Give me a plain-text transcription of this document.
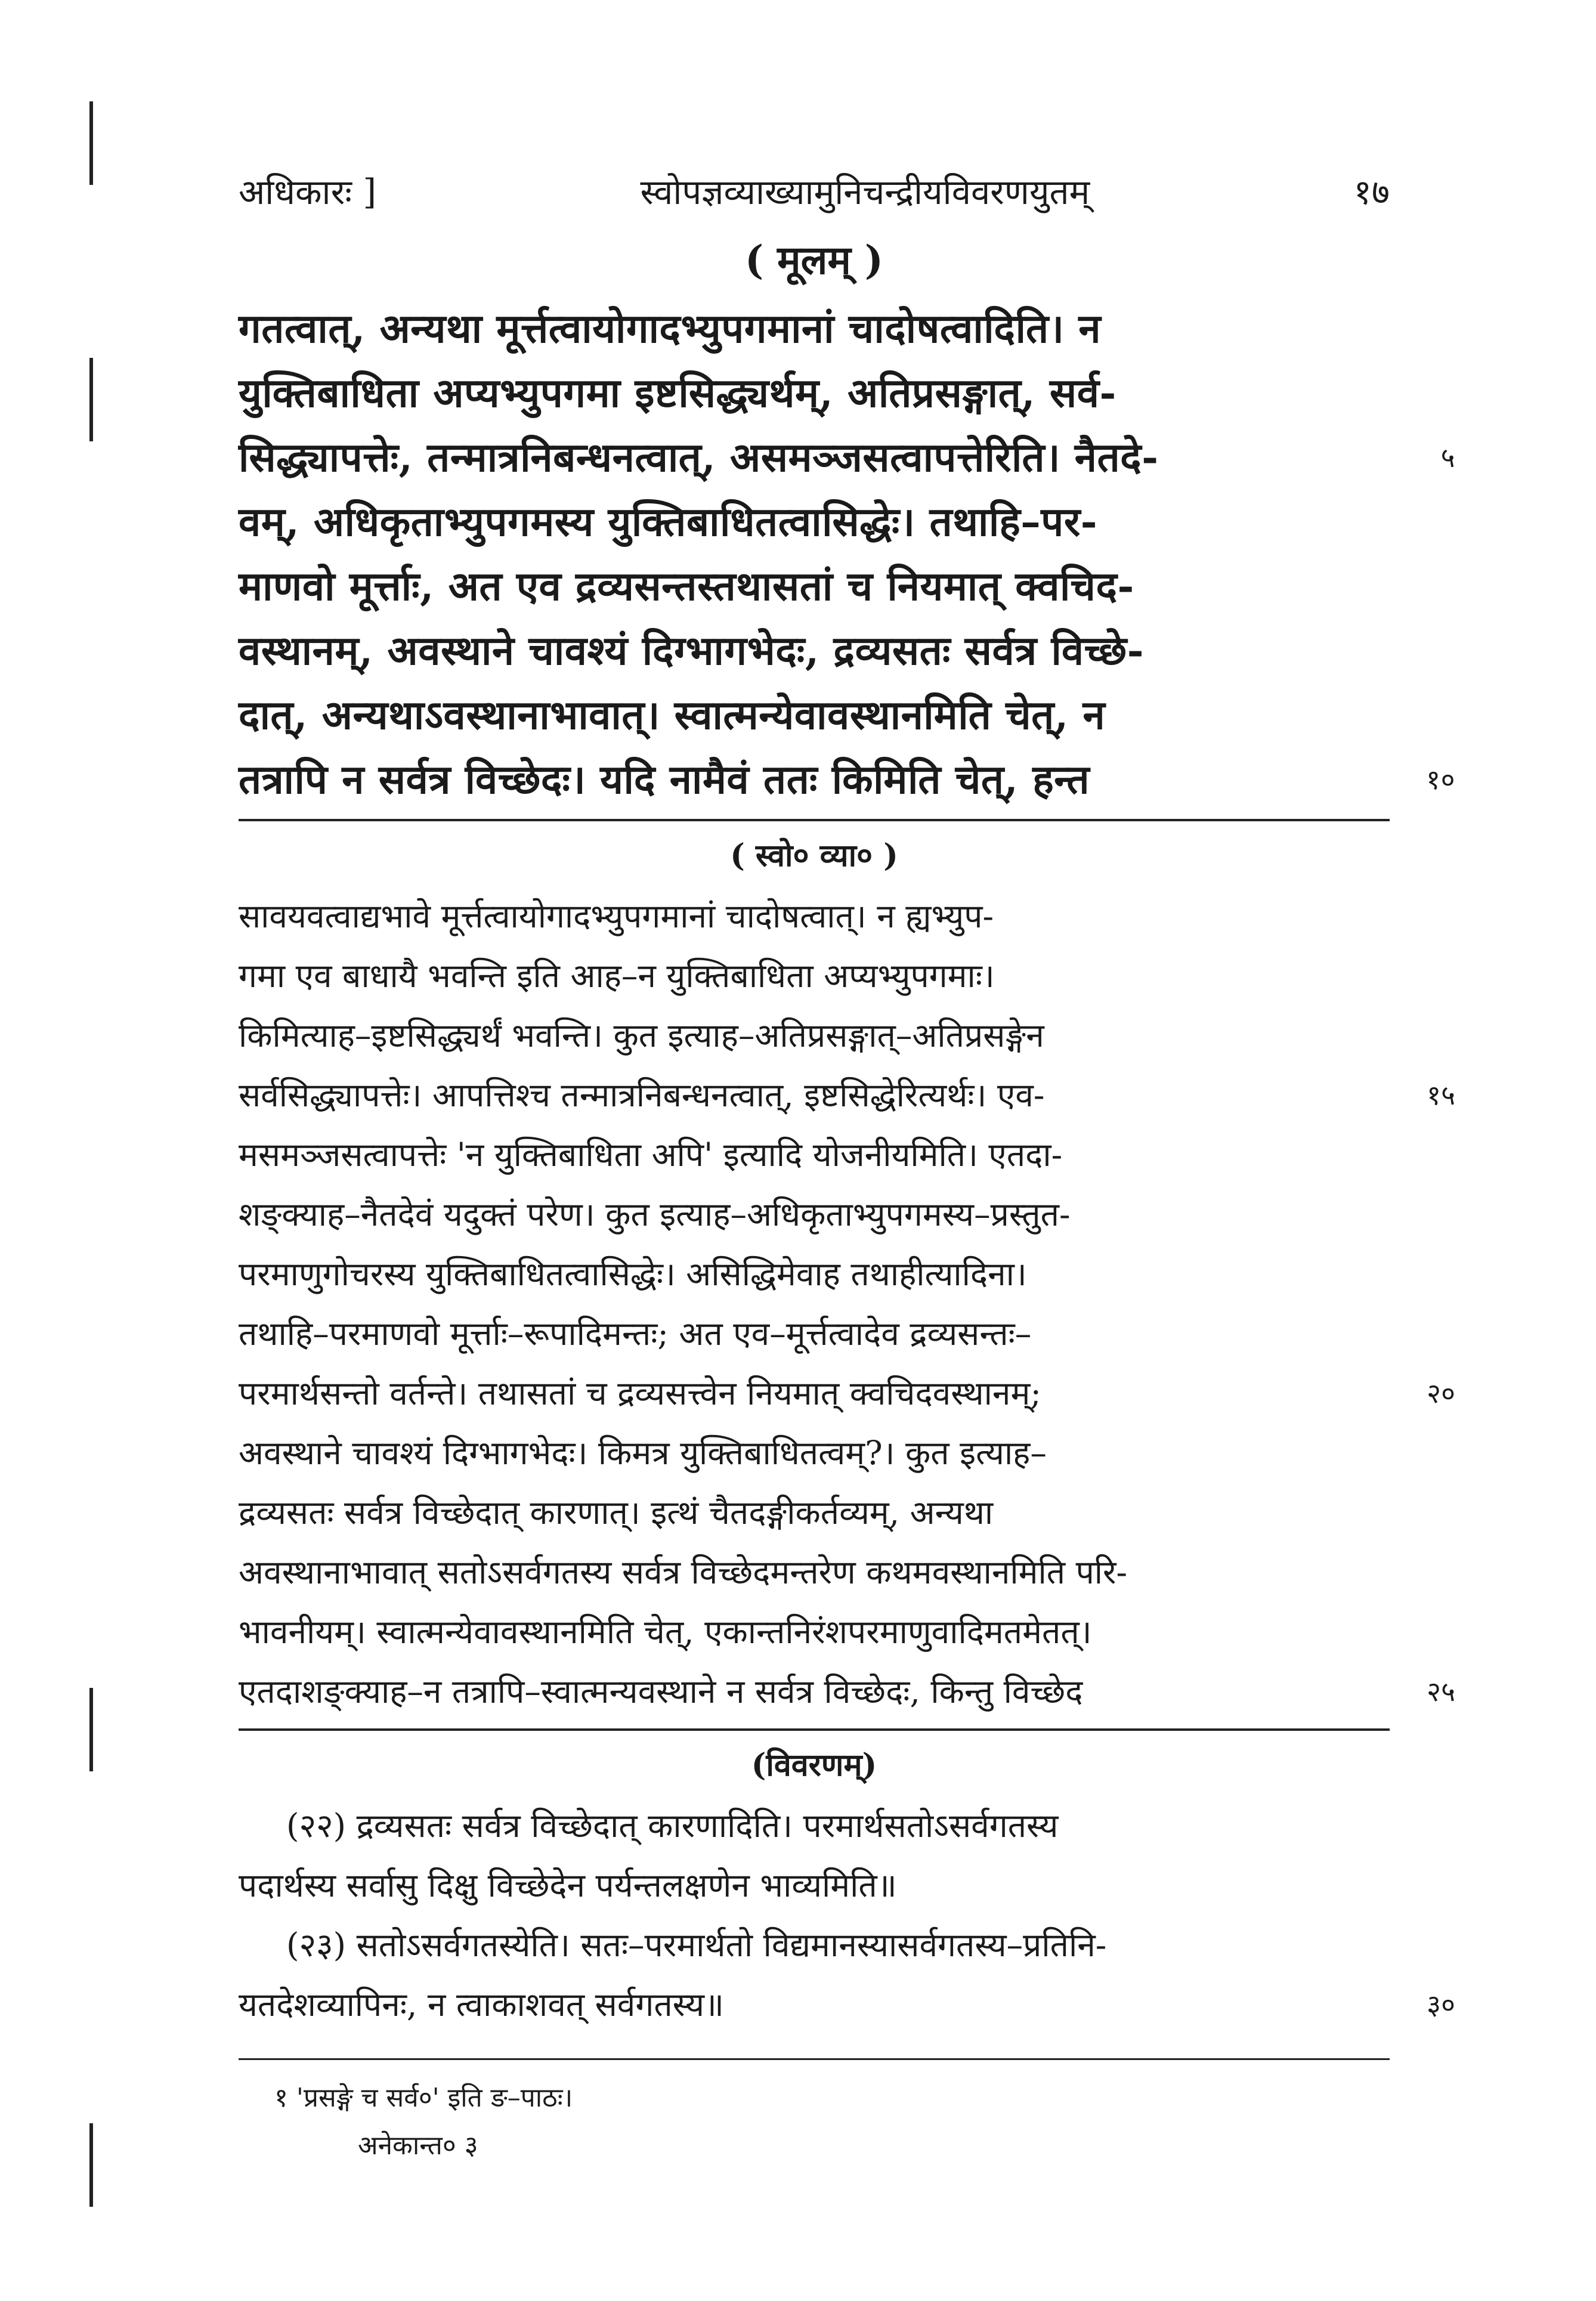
अधिकारः ]	स्वोपज्ञव्याख्यामुनिचन्द्रीयविवरणयुतम्	१७
( मूलम् )
गतत्वात्, अन्यथा मूर्त्तत्वायोगादभ्युपगमानां चादोषत्वादिति। न
युक्तिबाधिता अप्यभ्युपगमा इष्टसिद्ध्यर्थम्, अतिप्रसङ्गात्, सर्व-
सिद्ध्यापत्तेः, तन्मात्रनिबन्धनत्वात्, असमञ्जसत्वापत्तेरिति। नैतदे-	५
वम्, अधिकृताभ्युपगमस्य युक्तिबाधितत्वासिद्धेः। तथाहि–पर-
माणवो मूर्त्ताः, अत एव द्रव्यसन्तस्तथासतां च नियमात् क्वचिद-
वस्थानम्, अवस्थाने चावश्यं दिग्भागभेदः, द्रव्यसतः सर्वत्र विच्छे-
दात्, अन्यथाऽवस्थानाभावात्। स्वात्मन्येवावस्थानमिति चेत्, न
तत्रापि न सर्वत्र विच्छेदः। यदि नामैवं ततः किमिति चेत्, हन्त	१०
( स्वो० व्या० )
सावयवत्वाद्यभावे मूर्त्तत्वायोगादभ्युपगमानां चादोषत्वात्। न ह्यभ्युप-
गमा एव बाधायै भवन्ति इति आह–न युक्तिबाधिता अप्यभ्युपगमाः।
किमित्याह–इष्टसिद्ध्यर्थं भवन्ति। कुत इत्याह–अतिप्रसङ्गात्–अतिप्रसङ्गेन
सर्वसिद्ध्यापत्तेः। आपत्तिश्च तन्मात्रनिबन्धनत्वात्, इष्टसिद्धेरित्यर्थः। एव-	१५
मसमञ्जसत्वापत्तेः 'न युक्तिबाधिता अपि' इत्यादि योजनीयमिति। एतदा-
शङ्क्याह–नैतदेवं यदुक्तं परेण। कुत इत्याह–अधिकृताभ्युपगमस्य–प्रस्तुत-
परमाणुगोचरस्य युक्तिबाधितत्वासिद्धेः। असिद्धिमेवाह तथाहीत्यादिना।
तथाहि–परमाणवो मूर्त्ताः–रूपादिमन्तः; अत एव–मूर्त्तत्वादेव द्रव्यसन्तः–
परमार्थसन्तो वर्तन्ते। तथासतां च द्रव्यसत्त्वेन नियमात् क्वचिदवस्थानम्;	२०
अवस्थाने चावश्यं दिग्भागभेदः। किमत्र युक्तिबाधितत्वम्?। कुत इत्याह–
द्रव्यसतः सर्वत्र विच्छेदात् कारणात्। इत्थं चैतदङ्गीकर्तव्यम्, अन्यथा
अवस्थानाभावात् सतोऽसर्वगतस्य सर्वत्र विच्छेदमन्तरेण कथमवस्थानमिति परि-
भावनीयम्। स्वात्मन्येवावस्थानमिति चेत्, एकान्तनिरंशपरमाणुवादिमतमेतत्।
एतदाशङ्क्याह–न तत्रापि–स्वात्मन्यवस्थाने न सर्वत्र विच्छेदः, किन्तु विच्छेद	२५
(विवरणम्)
(२२) द्रव्यसतः सर्वत्र विच्छेदात् कारणादिति। परमार्थसतोऽसर्वगतस्य
पदार्थस्य सर्वासु दिक्षु विच्छेदेन पर्यन्तलक्षणेन भाव्यमिति॥
(२३) सतोऽसर्वगतस्येति। सतः–परमार्थतो विद्यमानस्यासर्वगतस्य–प्रतिनि-
यतदेशव्यापिनः, न त्वाकाशवत् सर्वगतस्य॥	३०
१ 'प्रसङ्गे च सर्व०' इति ङ–पाठः।
अनेकान्त० ३
